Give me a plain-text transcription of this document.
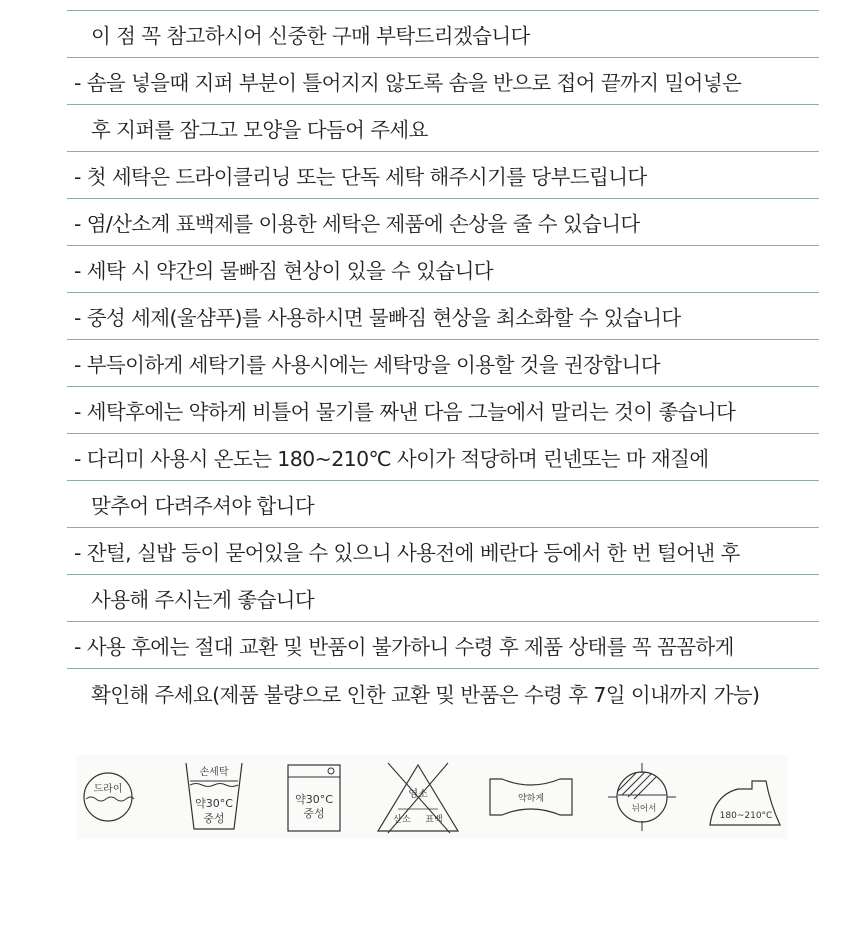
이 점 꼭 참고하시어 신중한 구매 부탁드리겠습니다
- 솜을 넣을때 지퍼 부분이 틀어지지 않도록 솜을 반으로 접어 끝까지 밀어넣은
후 지퍼를 잠그고 모양을 다듬어 주세요
- 첫 세탁은 드라이클리닝 또는 단독 세탁 해주시기를 당부드립니다
- 염/산소계 표백제를 이용한 세탁은 제품에 손상을 줄 수 있습니다
- 세탁 시 약간의 물빠짐 현상이 있을 수 있습니다
- 중성 세제(울샴푸)를 사용하시면 물빠짐 현상을 최소화할 수 있습니다
- 부득이하게 세탁기를 사용시에는 세탁망을 이용할 것을 권장합니다
- 세탁후에는 약하게 비틀어 물기를 짜낸 다음 그늘에서 말리는 것이 좋습니다
- 다리미 사용시 온도는 180~210℃ 사이가 적당하며 린넨또는 마 재질에
맞추어 다려주셔야 합니다
- 잔털, 실밥 등이 묻어있을 수 있으니 사용전에 베란다 등에서 한 번 털어낸 후
사용해 주시는게 좋습니다
- 사용 후에는 절대 교환 및 반품이 불가하니 수령 후 제품 상태를 꼭 꼼꼼하게
확인해 주세요(제품 불량으로 인한 교환 및 반품은 수령 후 7일 이내까지 가능)
드라이
손세탁
약30°C
중성
약30°C
중성
염소
산소 표백
약하게
뉘어서
180~210°C
